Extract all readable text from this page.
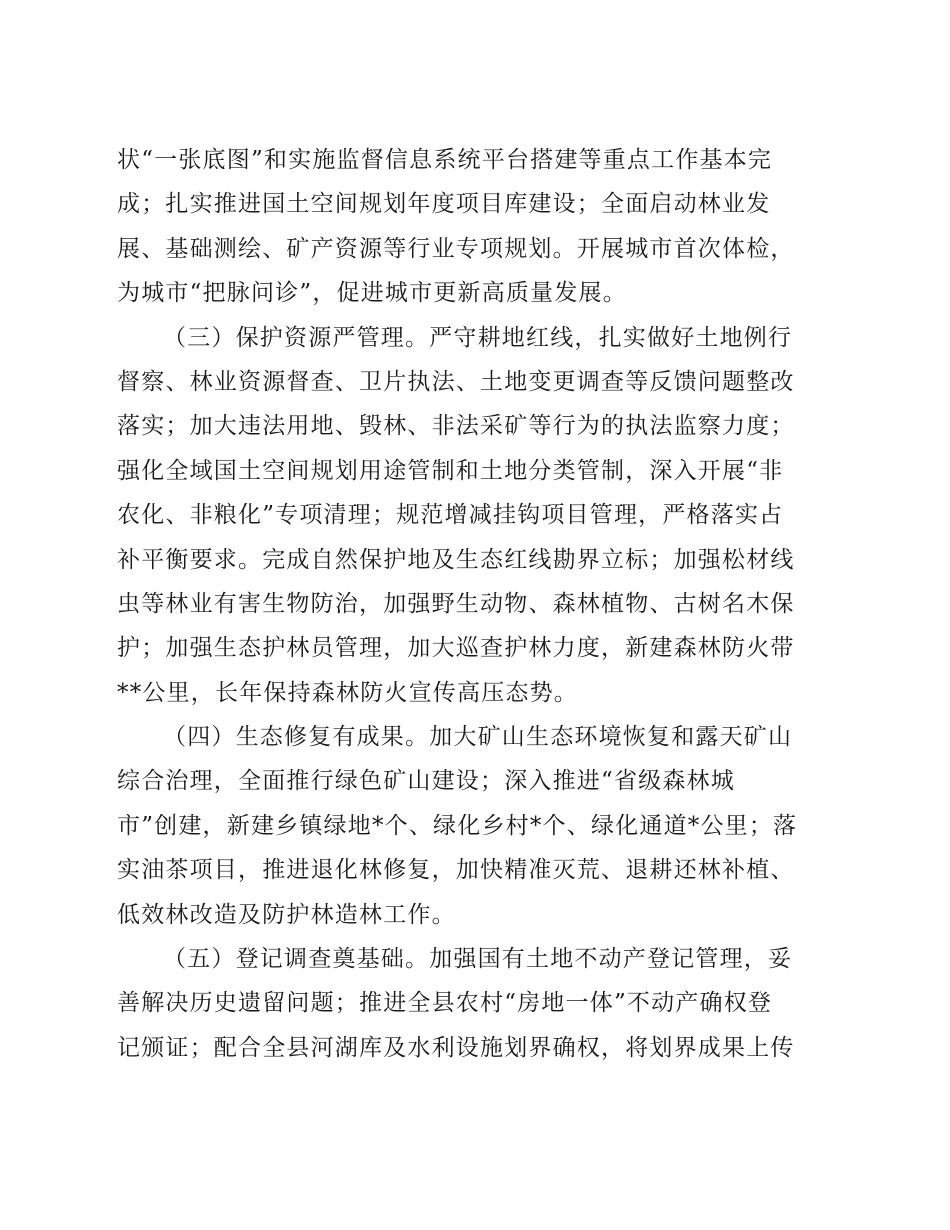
状“一张底图”和实施监督信息系统平台搭建等重点工作基本完
成；扎实推进国土空间规划年度项目库建设；全面启动林业发
展、基础测绘、矿产资源等行业专项规划。开展城市首次体检，
为城市“把脉问诊”，促进城市更新高质量发展。
（三）保护资源严管理。严守耕地红线，扎实做好土地例行
督察、林业资源督查、卫片执法、土地变更调查等反馈问题整改
落实；加大违法用地、毁林、非法采矿等行为的执法监察力度；
强化全域国土空间规划用途管制和土地分类管制，深入开展“非
农化、非粮化”专项清理；规范增减挂钩项目管理，严格落实占
补平衡要求。完成自然保护地及生态红线勘界立标；加强松材线
虫等林业有害生物防治，加强野生动物、森林植物、古树名木保
护；加强生态护林员管理，加大巡查护林力度，新建森林防火带
**公里，长年保持森林防火宣传高压态势。
（四）生态修复有成果。加大矿山生态环境恢复和露天矿山
综合治理，全面推行绿色矿山建设；深入推进“省级森林城
市”创建，新建乡镇绿地*个、绿化乡村*个、绿化通道*公里；落
实油茶项目，推进退化林修复，加快精准灭荒、退耕还林补植、
低效林改造及防护林造林工作。
（五）登记调查奠基础。加强国有土地不动产登记管理，妥
善解决历史遗留问题；推进全县农村“房地一体”不动产确权登
记颁证；配合全县河湖库及水利设施划界确权，将划界成果上传
